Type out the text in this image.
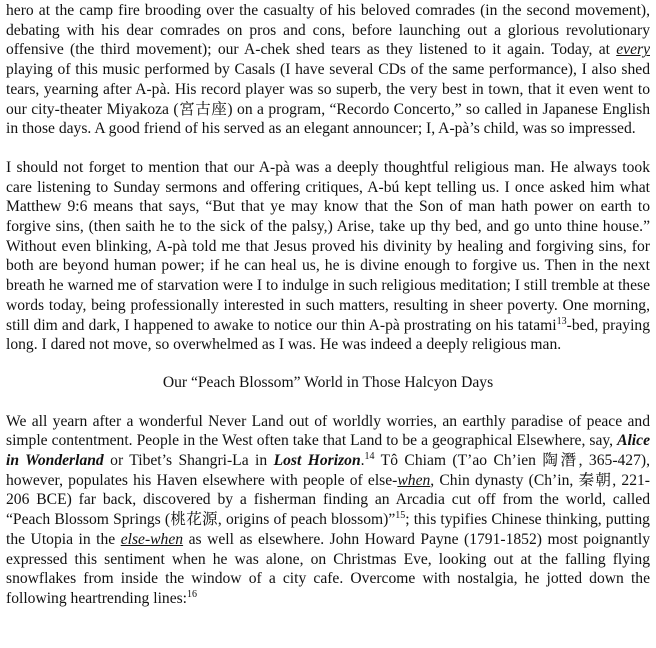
hero at the camp fire brooding over the casualty of his beloved comrades (in the second movement), debating with his dear comrades on pros and cons, before launching out a glorious revolutionary offensive (the third movement); our A-chek shed tears as they listened to it again. Today, at every playing of this music performed by Casals (I have several CDs of the same performance), I also shed tears, yearning after A-pà. His record player was so superb, the very best in town, that it even went to our city-theater Miyakoza (宮古座) on a program, “Recordo Concerto,” so called in Japanese English in those days. A good friend of his served as an elegant announcer; I, A-pà’s child, was so impressed.

I should not forget to mention that our A-pà was a deeply thoughtful religious man. He always took care listening to Sunday sermons and offering critiques, A-bú kept telling us. I once asked him what Matthew 9:6 means that says, “But that ye may know that the Son of man hath power on earth to forgive sins, (then saith he to the sick of the palsy,) Arise, take up thy bed, and go unto thine house.” Without even blinking, A-pà told me that Jesus proved his divinity by healing and forgiving sins, for both are beyond human power; if he can heal us, he is divine enough to forgive us. Then in the next breath he warned me of starvation were I to indulge in such religious meditation; I still tremble at these words today, being professionally interested in such matters, resulting in sheer poverty. One morning, still dim and dark, I happened to awake to notice our thin A-pà prostrating on his tatami$^{13}$-bed, praying long. I dared not move, so overwhelmed as I was. He was indeed a deeply religious man.

Our “Peach Blossom” World in Those Halcyon Days

We all yearn after a wonderful Never Land out of worldly worries, an earthly paradise of peace and simple contentment. People in the West often take that Land to be a geographical Elsewhere, say, Alice in Wonderland or Tibet’s Shangri-La in Lost Horizon.$^{14}$ Tô Chiam (T’ao Ch’ien 陶潛, 365-427), however, populates his Haven elsewhere with people of else-when, Chin dynasty (Ch’in, 秦朝, 221-206 BCE) far back, discovered by a fisherman finding an Arcadia cut off from the world, called “Peach Blossom Springs (桃花源, origins of peach blossom)”$^{15}$; this typifies Chinese thinking, putting the Utopia in the else-when as well as elsewhere. John Howard Payne (1791-1852) most poignantly expressed this sentiment when he was alone, on Christmas Eve, looking out at the falling flying snowflakes from inside the window of a city cafe. Overcome with nostalgia, he jotted down the following heartrending lines:$^{16}$
